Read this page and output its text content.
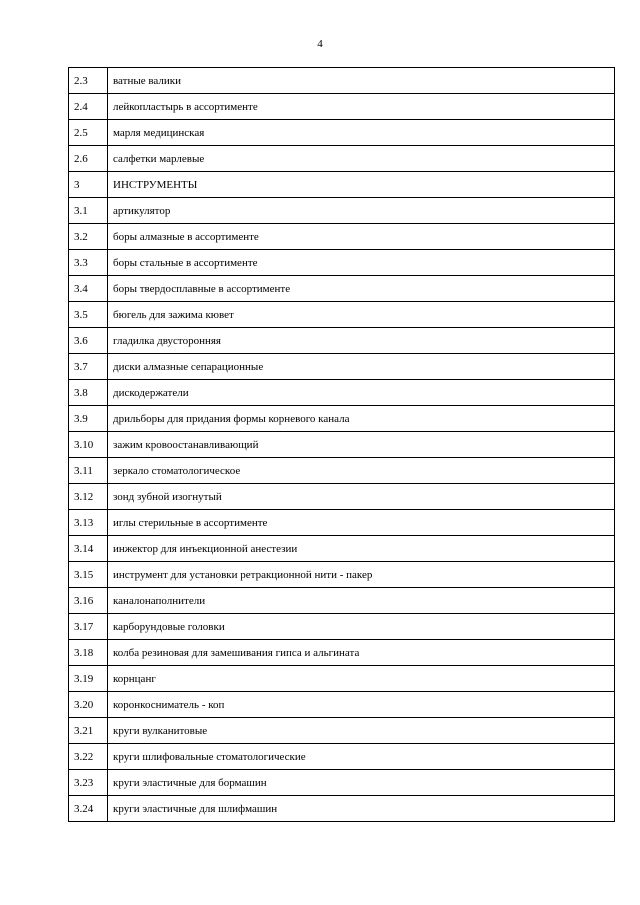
4
2.3	ватные валики
2.4	лейкопластырь в ассортименте
2.5	марля медицинская
2.6	салфетки марлевые
3	ИНСТРУМЕНТЫ
3.1	артикулятор
3.2	боры алмазные в ассортименте
3.3	боры стальные в ассортименте
3.4	боры твердосплавные в ассортименте
3.5	бюгель для зажима кювет
3.6	гладилка двусторонняя
3.7	диски алмазные сепарационные
3.8	дискодержатели
3.9	дрильборы для придания формы корневого канала
3.10	зажим кровоостанавливающий
3.11	зеркало стоматологическое
3.12	зонд зубной изогнутый
3.13	иглы стерильные в ассортименте
3.14	инжектор для инъекционной анестезии
3.15	инструмент для установки ретракционной нити - пакер
3.16	каналонаполнители
3.17	карборундовые головки
3.18	колба резиновая для замешивания гипса и альгината
3.19	корнцанг
3.20	коронкосниматель - коп
3.21	круги вулканитовые
3.22	круги шлифовальные стоматологические
3.23	круги эластичные для бормашин
3.24	круги эластичные для шлифмашин
